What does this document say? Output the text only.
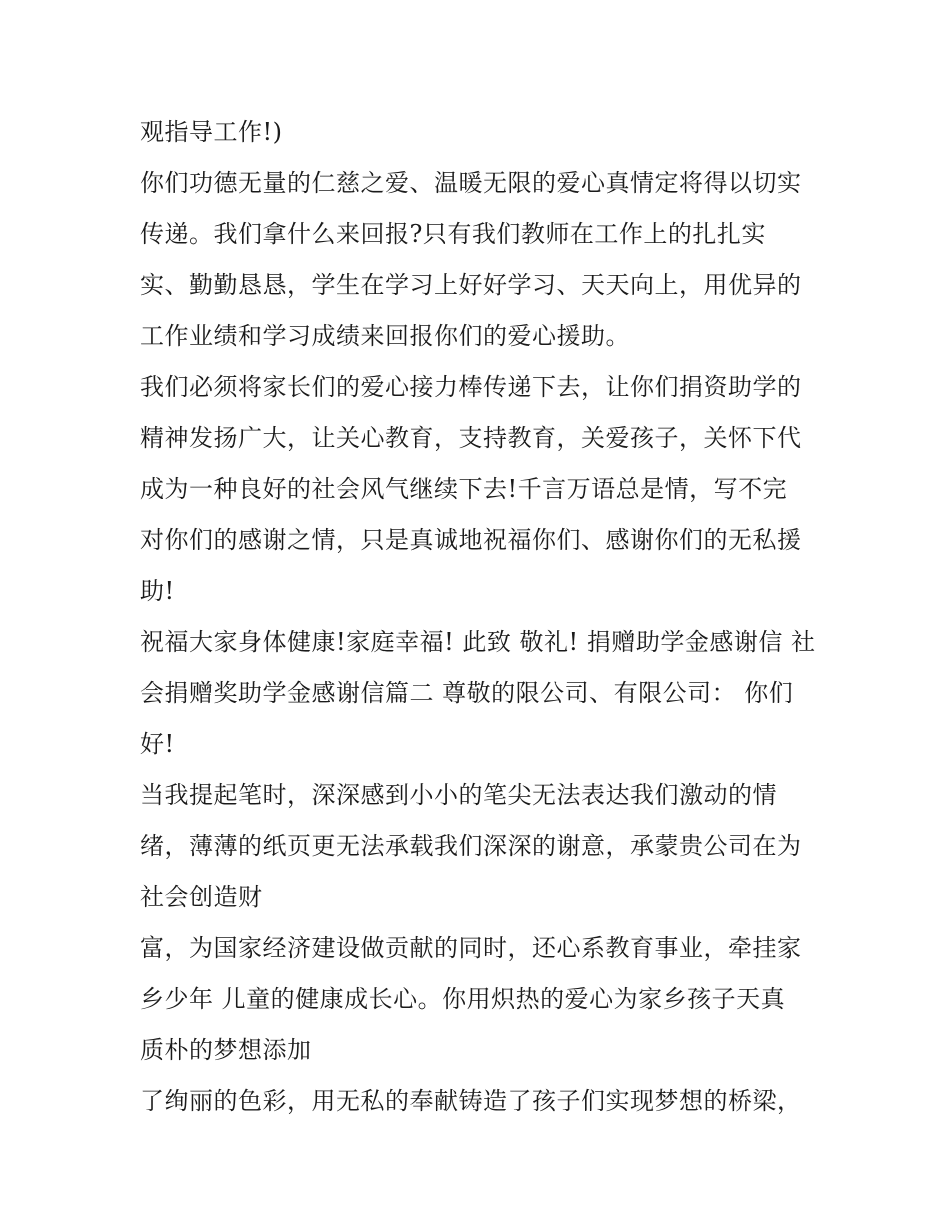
观指导工作!)
你们功德无量的仁慈之爱、温暖无限的爱心真情定将得以切实
传递。我们拿什么来回报?只有我们教师在工作上的扎扎实
实、勤勤恳恳，学生在学习上好好学习、天天向上，用优异的
工作业绩和学习成绩来回报你们的爱心援助。
我们必须将家长们的爱心接力棒传递下去，让你们捐资助学的
精神发扬广大，让关心教育，支持教育，关爱孩子，关怀下代
成为一种良好的社会风气继续下去!千言万语总是情，写不完
对你们的感谢之情，只是真诚地祝福你们、感谢你们的无私援
助!
祝福大家身体健康!家庭幸福! 此致 敬礼! 捐赠助学金感谢信 社
会捐赠奖助学金感谢信篇二 尊敬的限公司、有限公司： 你们
好!
当我提起笔时，深深感到小小的笔尖无法表达我们激动的情
绪，薄薄的纸页更无法承载我们深深的谢意，承蒙贵公司在为
社会创造财
富，为国家经济建设做贡献的同时，还心系教育事业，牵挂家
乡少年 儿童的健康成长心。你用炽热的爱心为家乡孩子天真
质朴的梦想添加
了绚丽的色彩，用无私的奉献铸造了孩子们实现梦想的桥梁，
